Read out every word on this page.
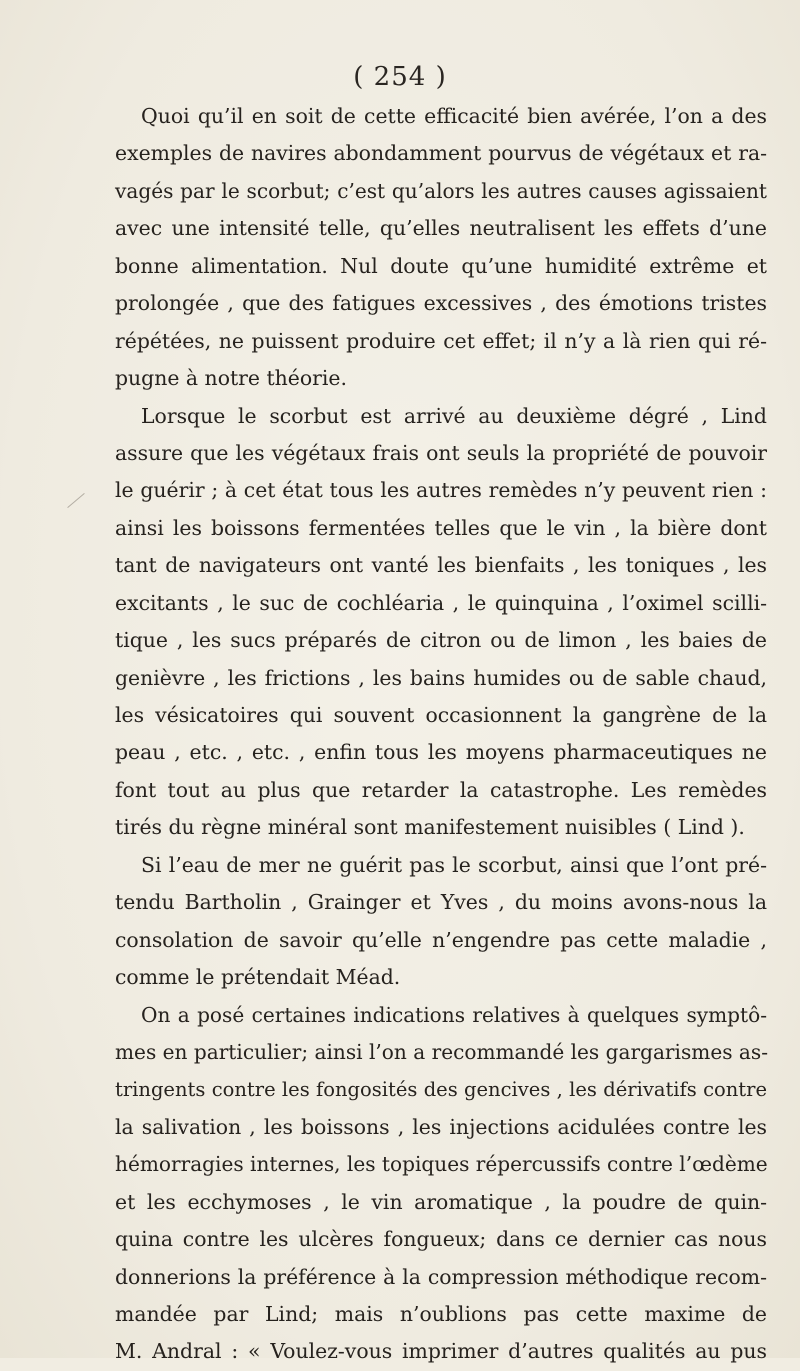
( 254 )
Quoi qu’il en soit de cette efficacité bien avérée, l’on a des
exemples de navires abondamment pourvus de végétaux et ra-
vagés par le scorbut; c’est qu’alors les autres causes agissaient
avec une intensité telle, qu’elles neutralisent les effets d’une
bonne alimentation. Nul doute qu’une humidité extrême et
prolongée , que des fatigues excessives , des émotions tristes
répétées, ne puissent produire cet effet; il n’y a là rien qui ré-
pugne à notre théorie.
Lorsque le scorbut est arrivé au deuxième dégré , Lind
assure que les végétaux frais ont seuls la propriété de pouvoir
le guérir ; à cet état tous les autres remèdes n’y peuvent rien :
ainsi les boissons fermentées telles que le vin , la bière dont
tant de navigateurs ont vanté les bienfaits , les toniques , les
excitants , le suc de cochléaria , le quinquina , l’oximel scilli-
tique , les sucs préparés de citron ou de limon , les baies de
genièvre , les frictions , les bains humides ou de sable chaud,
les vésicatoires qui souvent occasionnent la gangrène de la
peau , etc. , etc. , enfin tous les moyens pharmaceutiques ne
font tout au plus que retarder la catastrophe. Les remèdes
tirés du règne minéral sont manifestement nuisibles ( Lind ).
Si l’eau de mer ne guérit pas le scorbut, ainsi que l’ont pré-
tendu Bartholin , Grainger et Yves , du moins avons-nous la
consolation de savoir qu’elle n’engendre pas cette maladie ,
comme le prétendait Méad.
On a posé certaines indications relatives à quelques symptô-
mes en particulier; ainsi l’on a recommandé les gargarismes as-
tringents contre les fongosités des gencives , les dérivatifs contre
la salivation , les boissons , les injections acidulées contre les
hémorragies internes, les topiques répercussifs contre l’œdème
et les ecchymoses , le vin aromatique , la poudre de quin-
quina contre les ulcères fongueux; dans ce dernier cas nous
donnerions la préférence à la compression méthodique recom-
mandée par Lind; mais n’oublions pas cette maxime de
M. Andral : « Voulez-vous imprimer d’autres qualités au pus
